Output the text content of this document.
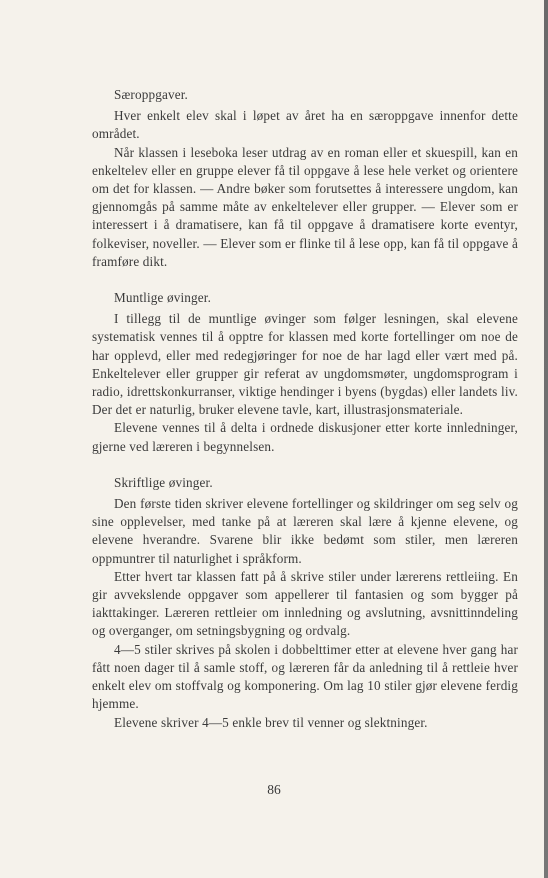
Særoppgaver.

Hver enkelt elev skal i løpet av året ha en særoppgave innenfor dette området.

Når klassen i leseboka leser utdrag av en roman eller et skuespill, kan en enkeltelev eller en gruppe elever få til oppgave å lese hele verket og orientere om det for klassen. — Andre bøker som forutsettes å interessere ungdom, kan gjennomgås på samme måte av enkeltelever eller grupper. — Elever som er interessert i å dramatisere, kan få til oppgave å dramatisere korte eventyr, folkeviser, noveller. — Elever som er flinke til å lese opp, kan få til oppgave å framføre dikt.

Muntlige øvinger.

I tillegg til de muntlige øvinger som følger lesningen, skal elevene systematisk vennes til å opptre for klassen med korte fortellinger om noe de har opplevd, eller med redegjøringer for noe de har lagd eller vært med på. Enkeltelever eller grupper gir referat av ungdomsmøter, ungdomsprogram i radio, idrettskonkurranser, viktige hendinger i byens (bygdas) eller landets liv. Der det er naturlig, bruker elevene tavle, kart, illustrasjonsmateriale.

Elevene vennes til å delta i ordnede diskusjoner etter korte innledninger, gjerne ved læreren i begynnelsen.

Skriftlige øvinger.

Den første tiden skriver elevene fortellinger og skildringer om seg selv og sine opplevelser, med tanke på at læreren skal lære å kjenne elevene, og elevene hverandre. Svarene blir ikke bedømt som stiler, men læreren oppmuntrer til naturlighet i språkform.

Etter hvert tar klassen fatt på å skrive stiler under lærerens rettleiing. En gir avvekslende oppgaver som appellerer til fantasien og som bygger på iakttakinger. Læreren rettleier om innledning og avslutning, avsnittinndeling og overganger, om setningsbygning og ordvalg.

4—5 stiler skrives på skolen i dobbelttimer etter at elevene hver gang har fått noen dager til å samle stoff, og læreren får da anledning til å rettleie hver enkelt elev om stoffvalg og komponering. Om lag 10 stiler gjør elevene ferdig hjemme.

Elevene skriver 4—5 enkle brev til venner og slektninger.

86
